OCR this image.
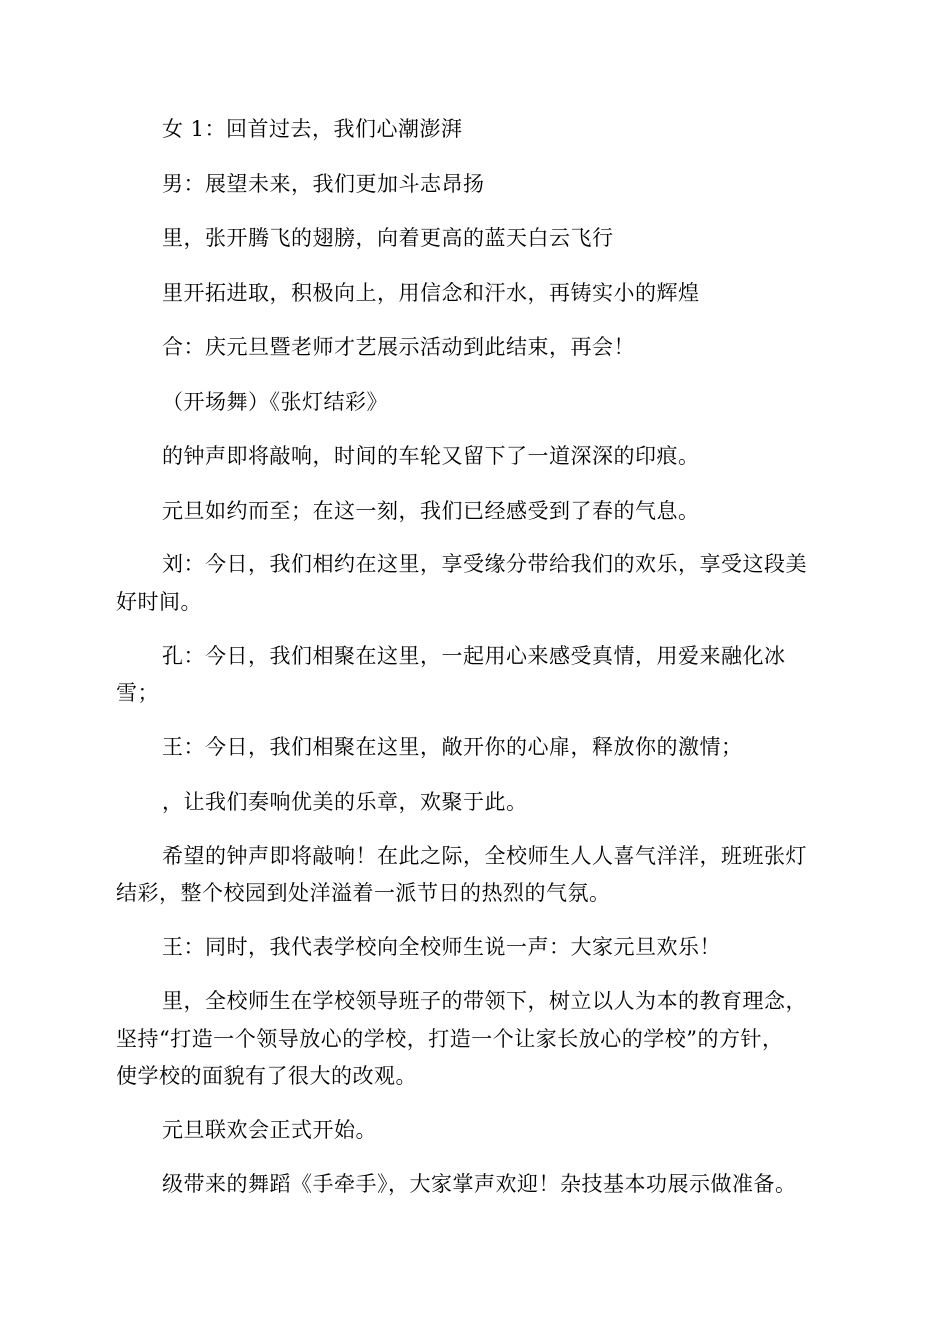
女 1：回首过去，我们心潮澎湃
男：展望未来，我们更加斗志昂扬
里，张开腾飞的翅膀，向着更高的蓝天白云飞行
里开拓进取，积极向上，用信念和汗水，再铸实小的辉煌
合：庆元旦暨老师才艺展示活动到此结束，再会！
（开场舞）《张灯结彩》
的钟声即将敲响，时间的车轮又留下了一道深深的印痕。
元旦如约而至；在这一刻，我们已经感受到了春的气息。
刘：今日，我们相约在这里，享受缘分带给我们的欢乐，享受这段美
好时间。
孔：今日，我们相聚在这里，一起用心来感受真情，用爱来融化冰
雪；
王：今日，我们相聚在这里，敞开你的心扉，释放你的激情；
，让我们奏响优美的乐章，欢聚于此。
希望的钟声即将敲响！在此之际，全校师生人人喜气洋洋，班班张灯
结彩，整个校园到处洋溢着一派节日的热烈的气氛。
王：同时，我代表学校向全校师生说一声：大家元旦欢乐！
里，全校师生在学校领导班子的带领下，树立以人为本的教育理念，
坚持“打造一个领导放心的学校，打造一个让家长放心的学校”的方针，
使学校的面貌有了很大的改观。
元旦联欢会正式开始。
级带来的舞蹈《手牵手》，大家掌声欢迎！杂技基本功展示做准备。
